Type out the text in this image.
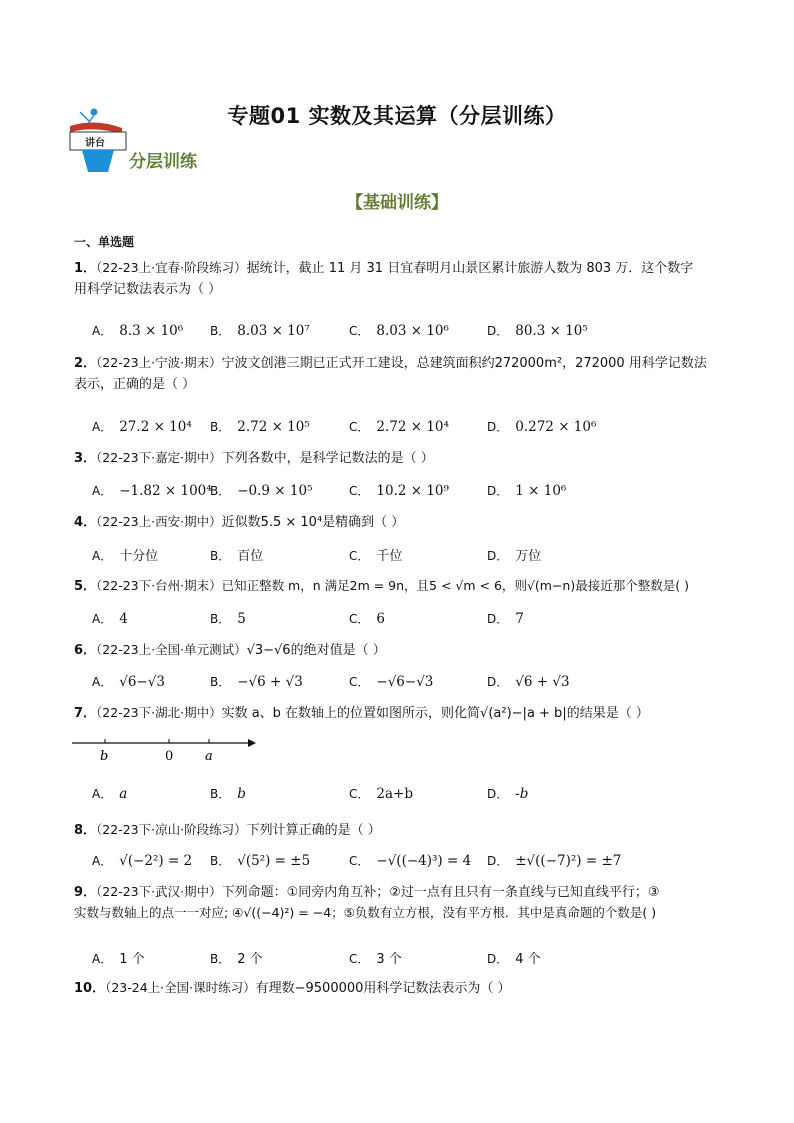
专题01 实数及其运算（分层训练）
讲台
分层训练
【基础训练】
一、单选题
1．（22-23上·宜春·阶段练习）据统计，截止 11 月 31 日宜春明月山景区累计旅游人数为 803 万．这个数字
用科学记数法表示为（ ）
A． 8.3 × 10⁶ B． 8.03 × 10⁷	C． 8.03 × 10⁶	D． 80.3 × 10⁵
2．（22-23上·宁波·期末）宁波文创港三期已正式开工建设，总建筑面积约272000m²，272000 用科学记数法
表示，正确的是（ ）
A． 27.2 × 10⁴ B． 2.72 × 10⁵	C． 2.72 × 10⁴	D． 0.272 × 10⁶
3．（22-23下·嘉定·期中）下列各数中，是科学记数法的是（ ）
A． −1.82 × 100⁴
B． −0.9 × 10⁵	C． 10.2 × 10⁹	D． 1 × 10⁶
4．（22-23上·西安·期中）近似数5.5 × 10⁴是精确到（ ）
A． 十分位	B． 百位	C． 千位	D． 万位
5．（22-23下·台州·期末）已知正整数 m，n 满足2m = 9n，且5 < √m < 6，则√(m−n)最接近那个整数是( )
A． 4	B． 5	C． 6	D． 7
6．（22-23上·全国·单元测试）√3−√6的绝对值是（ ）
A． √6−√3	B． −√6 + √3	C． −√6−√3	D． √6 + √3
7．（22-23下·湖北·期中）实数 a、b 在数轴上的位置如图所示，则化简√(a²)−|a + b|的结果是（ ）
b	0 a
A． a	B． b	C． 2a+b	D． -b
8．（22-23下·凉山·阶段练习）下列计算正确的是（ ）
A． √(−2²) = 2 B． √(5²) = ±5	C． −√((−4)³) = 4 D． ±√((−7)²) = ±7
9．（22-23下·武汉·期中）下列命题：①同旁内角互补；②过一点有且只有一条直线与已知直线平行；③
实数与数轴上的点一一对应; ④√((−4)²) = −4；⑤负数有立方根，没有平方根．其中是真命题的个数是( )
A． 1 个	B． 2 个	C． 3 个	D． 4 个
10．（23-24上·全国·课时练习）有理数−9500000用科学记数法表示为（ ）
